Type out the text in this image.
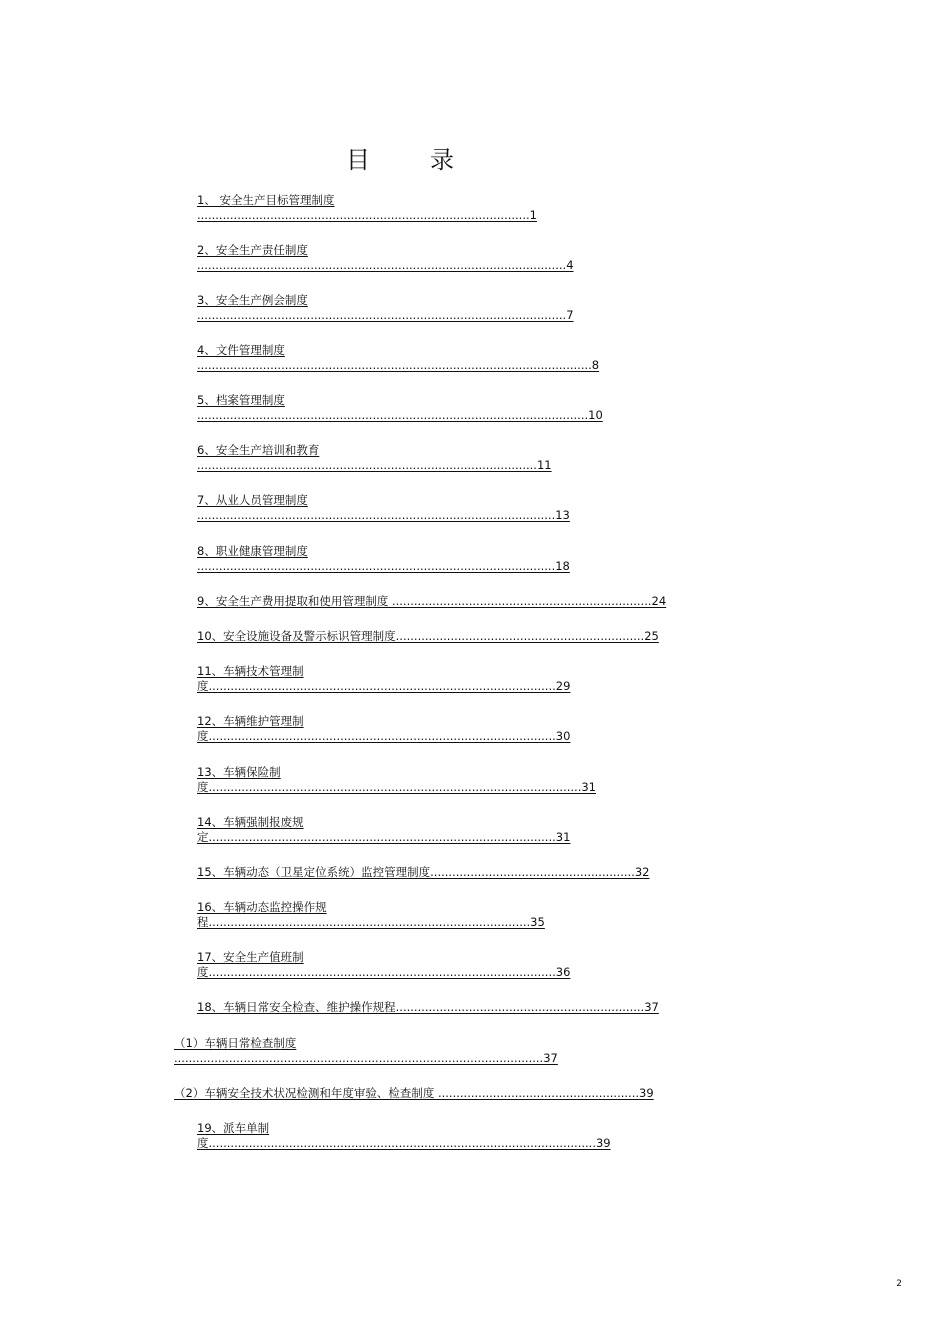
目　录
1、 安全生产目标管理制度
...........................................................................................1
2、安全生产责任制度
.....................................................................................................4
3、安全生产例会制度
.....................................................................................................7
4、文件管理制度
............................................................................................................8
5、档案管理制度
...........................................................................................................10
6、安全生产培训和教育
.............................................................................................11
7、从业人员管理制度
..................................................................................................13
8、职业健康管理制度
..................................................................................................18
9、安全生产费用提取和使用管理制度 .......................................................................24
10、安全设施设备及警示标识管理制度....................................................................25
11、车辆技术管理制
度...............................................................................................29
12、车辆维护管理制
度...............................................................................................30
13、车辆保险制
度......................................................................................................31
14、车辆强制报废规
定...............................................................................................31
15、车辆动态（卫星定位系统）监控管理制度........................................................32
16、车辆动态监控操作规
程........................................................................................35
17、安全生产值班制
度...............................................................................................36
18、车辆日常安全检查、维护操作规程....................................................................37
（1）车辆日常检查制度
.....................................................................................................37
（2）车辆安全技术状况检测和年度审验、检查制度 .......................................................39
19、派车单制
度..........................................................................................................39
2
